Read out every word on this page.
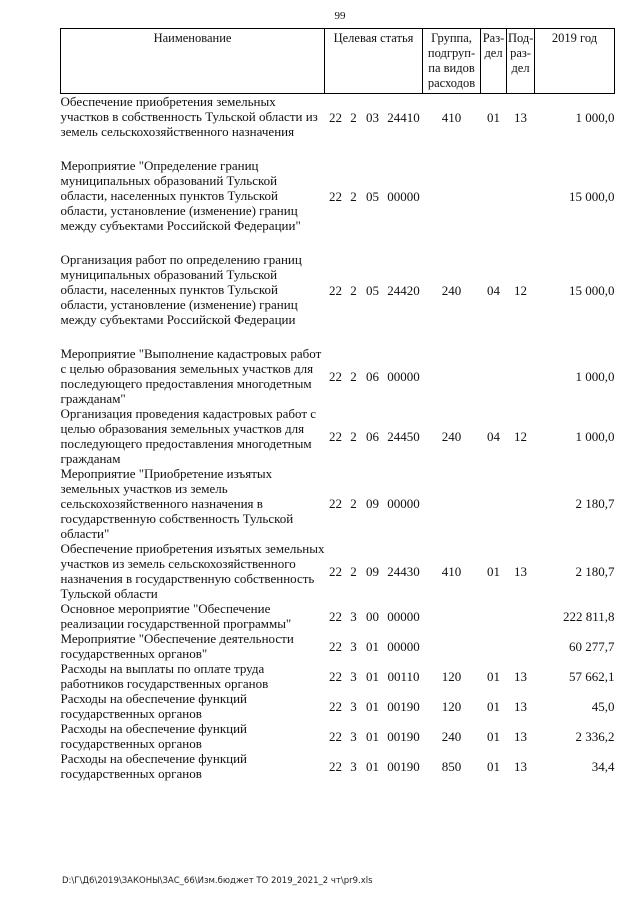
99
Наименование	Целевая статья				Группа, подгруп-па видов расходов	Раз-дел	Под-раз-дел	2019 год
Обеспечение приобретения земельных участков в собственность Тульской области из земель сельскохозяйственного назначения	22	2	03	24410	410	01	13	1 000,0
Мероприятие "Определение границ муниципальных образований Тульской области, населенных пунктов Тульской области, установление (изменение) границ между субъектами Российской Федерации"	22	2	05	00000				15 000,0
Организация работ по определению границ муниципальных образований Тульской области, населенных пунктов Тульской области, установление (изменение) границ между субъектами Российской Федерации	22	2	05	24420	240	04	12	15 000,0
Мероприятие "Выполнение кадастровых работ с целью образования земельных участков для последующего предоставления многодетным гражданам"	22	2	06	00000				1 000,0
Организация проведения кадастровых работ с целью образования земельных участков для последующего предоставления многодетным гражданам	22	2	06	24450	240	04	12	1 000,0
Мероприятие "Приобретение изъятых земельных участков из земель сельскохозяйственного назначения в государственную собственность Тульской области"	22	2	09	00000				2 180,7
Обеспечение приобретения изъятых земельных участков из земель сельскохозяйственного назначения в государственную собственность Тульской области	22	2	09	24430	410	01	13	2 180,7
Основное мероприятие "Обеспечение реализации государственной программы"	22	3	00	00000				222 811,8
Мероприятие "Обеспечение деятельности государственных органов"	22	3	01	00000				60 277,7
Расходы на выплаты по оплате труда работников государственных органов	22	3	01	00110	120	01	13	57 662,1
Расходы на обеспечение функций государственных органов	22	3	01	00190	120	01	13	45,0
Расходы на обеспечение функций государственных органов	22	3	01	00190	240	01	13	2 336,2
Расходы на обеспечение функций государственных органов	22	3	01	00190	850	01	13	34,4
D:\Г\Д6\2019\ЗАКОНЫ\ЗАС_66\Изм.бюджет ТО 2019_2021_2 чт\pr9.xls
